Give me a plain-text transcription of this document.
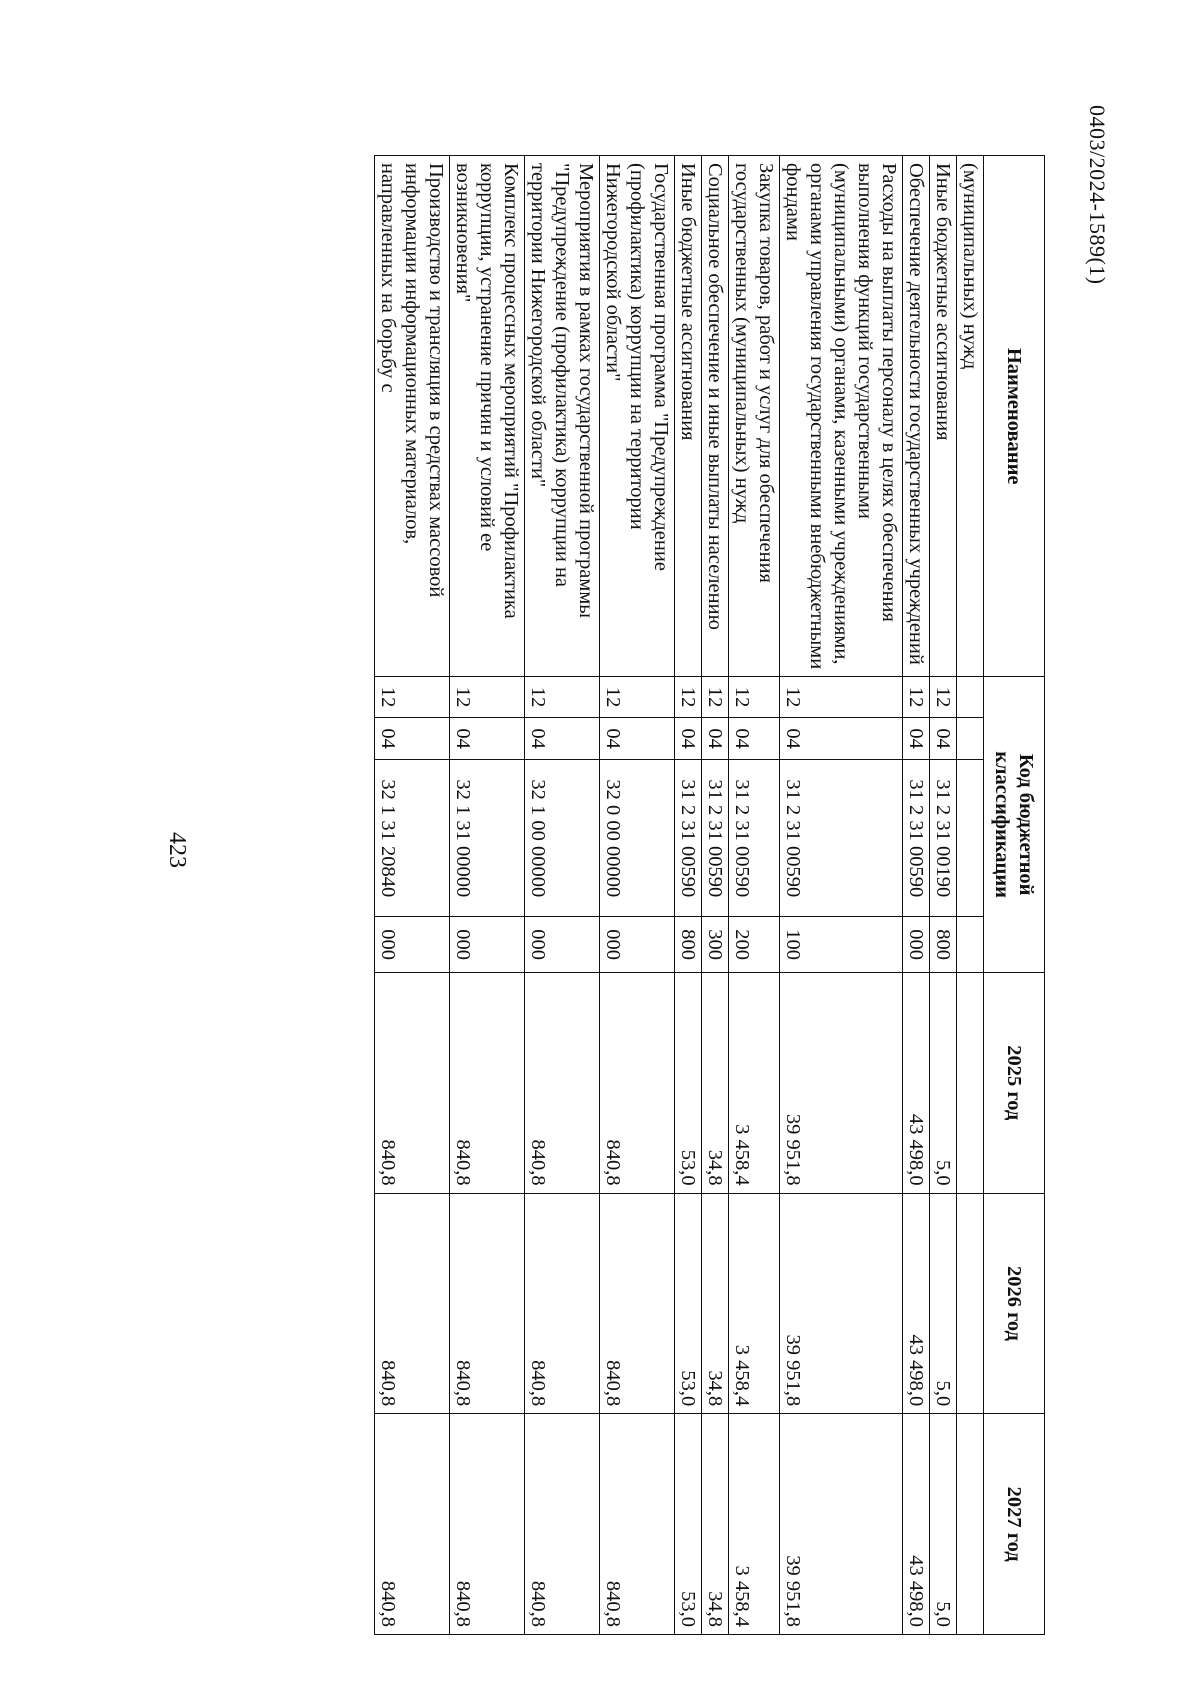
423
0403/2024-1589(1)
Наименование	Код бюджетной классификации				2025 год	2026 год	2027 год
(муниципальных) нужд							
Иные бюджетные ассигнования	12	04	31 2 31 00190	800	5,0	5,0	5,0
Обеспечение деятельности государственных учреждений	12	04	31 2 31 00590	000	43 498,0	43 498,0	43 498,0
Расходы на выплаты персоналу в целях обеспечения выполнения функций государственными (муниципальными) органами, казенными учреждениями, органами управления государственными внебюджетными фондами	12	04	31 2 31 00590	100	39 951,8	39 951,8	39 951,8
Закупка товаров, работ и услуг для обеспечения государственных (муниципальных) нужд	12	04	31 2 31 00590	200	3 458,4	3 458,4	3 458,4
Социальное обеспечение и иные выплаты населению	12	04	31 2 31 00590	300	34,8	34,8	34,8
Иные бюджетные ассигнования	12	04	31 2 31 00590	800	53,0	53,0	53,0
Государственная программа "Предупреждение (профилактика) коррупции на территории Нижегородской области"	12	04	32 0 00 00000	000	840,8	840,8	840,8
Мероприятия в рамках государственной программы "Предупреждение (профилактика) коррупции на территории Нижегородской области"	12	04	32 1 00 00000	000	840,8	840,8	840,8
Комплекс процессных мероприятий "Профилактика коррупции, устранение причин и условий ее возникновения"	12	04	32 1 31 00000	000	840,8	840,8	840,8
Производство и трансляция в средствах массовой информации информационных материалов, направленных на борьбу с	12	04	32 1 31 20840	000	840,8	840,8	840,8
